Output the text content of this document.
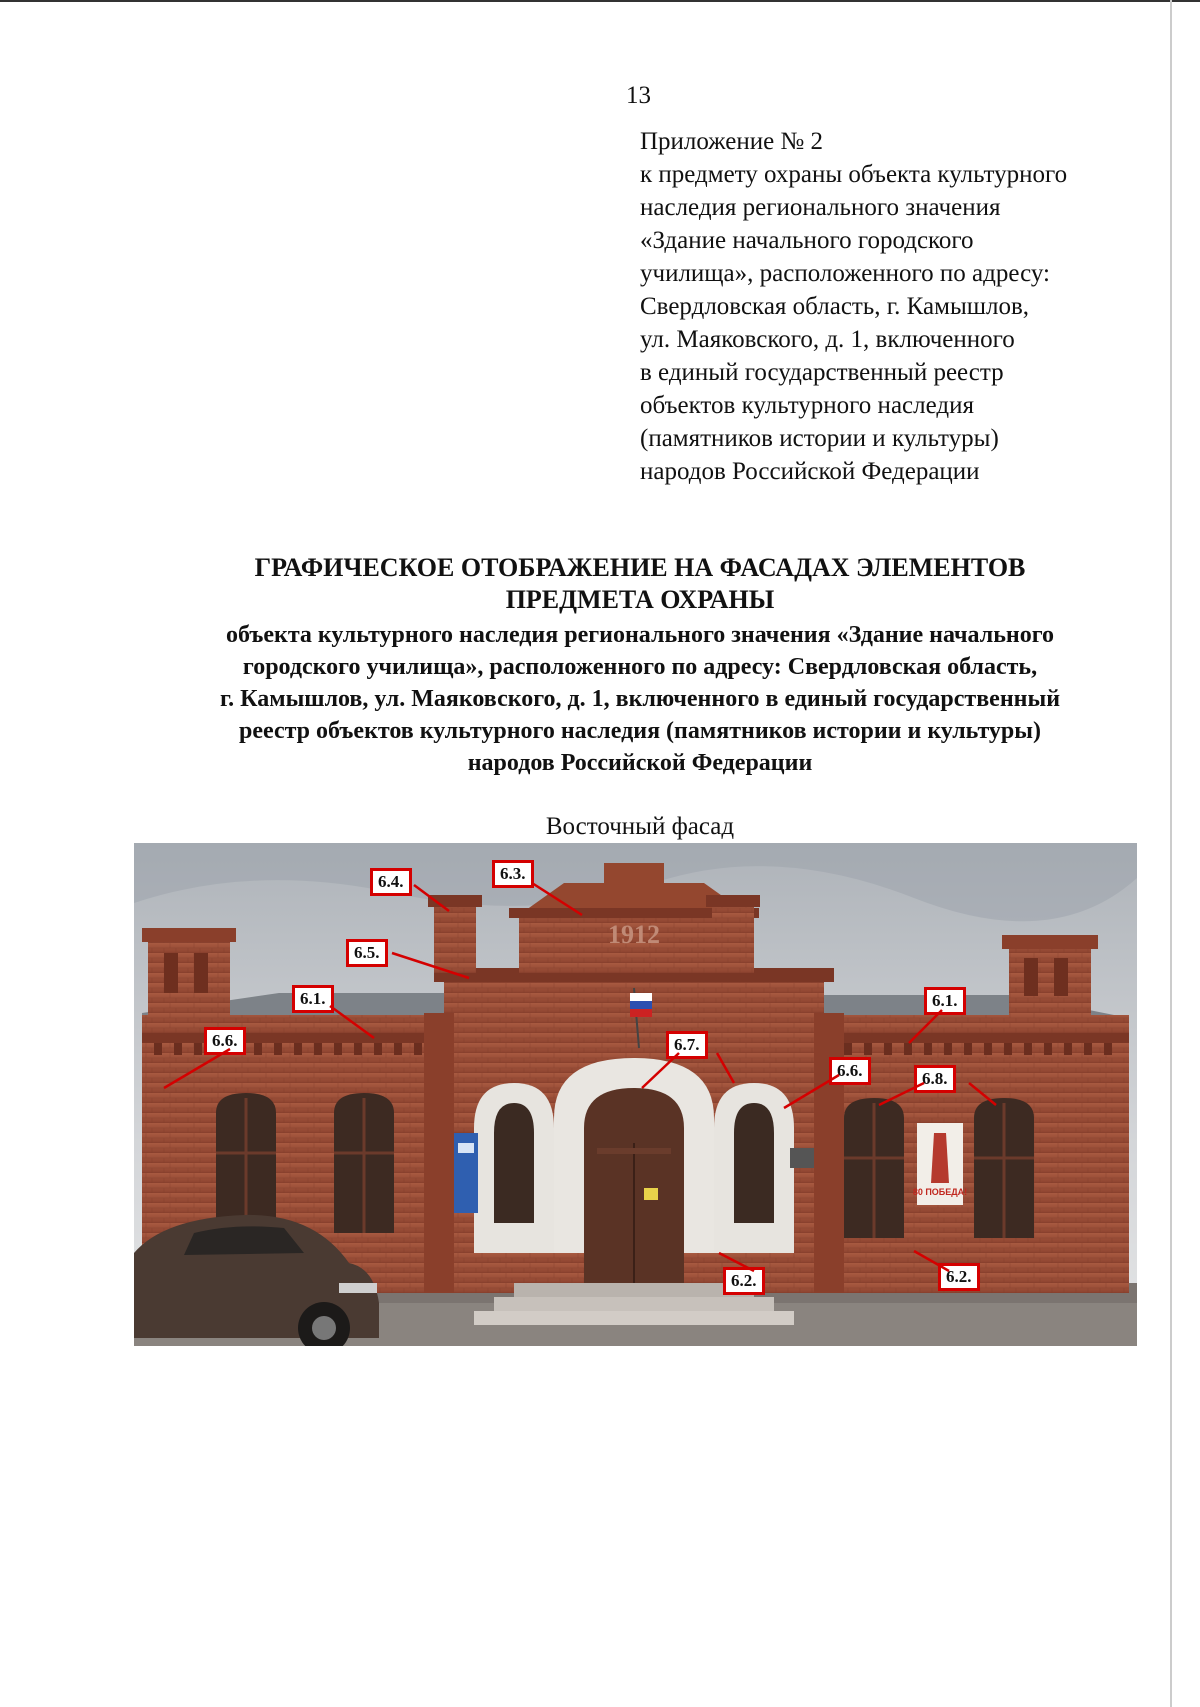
13
Приложение № 2
к предмету охраны объекта культурного
наследия регионального значения
«Здание начального городского
училища», расположенного по адресу:
Свердловская область, г. Камышлов,
ул. Маяковского, д. 1, включенного
в единый государственный реестр
объектов культурного наследия
(памятников истории и культуры)
народов Российской Федерации
ГРАФИЧЕСКОЕ ОТОБРАЖЕНИЕ НА ФАСАДАХ ЭЛЕМЕНТОВ
ПРЕДМЕТА ОХРАНЫ
объекта культурного наследия регионального значения «Здание начального
городского училища», расположенного по адресу: Свердловская область,
г. Камышлов, ул. Маяковского, д. 1, включенного в единый государственный
реестр объектов культурного наследия (памятников истории и культуры)
народов Российской Федерации
Восточный фасад
1912
80 ПОБЕДА!
6.4.	6.3.
6.5.
6.1.	6.1.
6.6.	6.7.
6.6.	6.8.
6.2.	6.2.
